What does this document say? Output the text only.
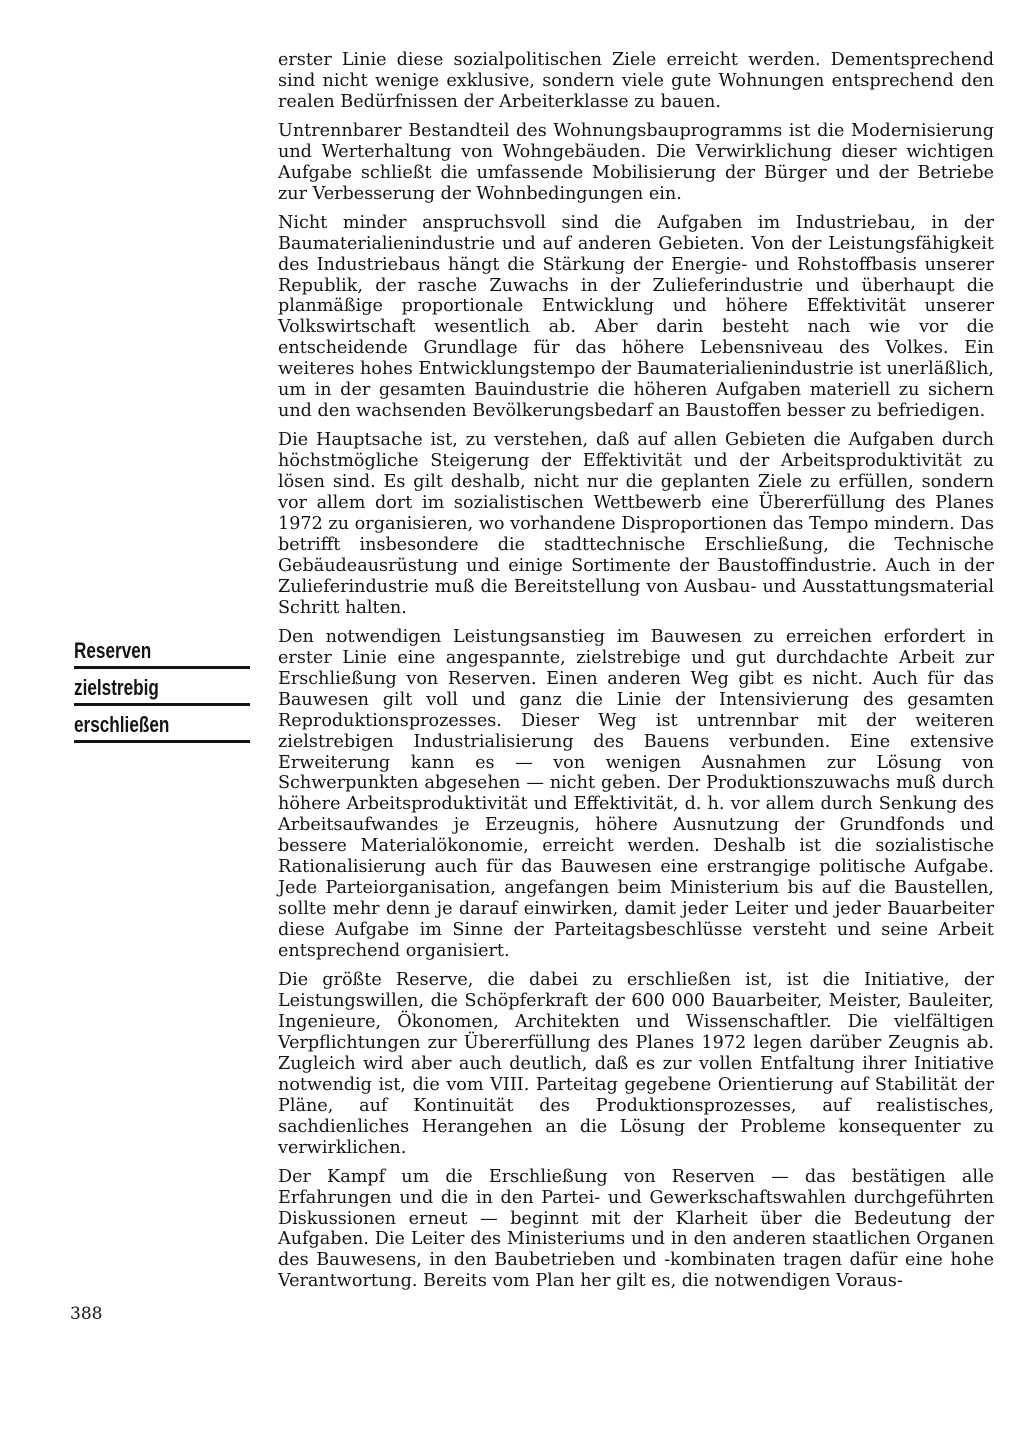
Reserven
zielstrebig
erschließen

erster Linie diese sozialpolitischen Ziele erreicht werden. Dementsprechend sind nicht wenige exklusive, sondern viele gute Wohnungen entsprechend den realen Bedürfnissen der Arbeiterklasse zu bauen.

Untrennbarer Bestandteil des Wohnungsbauprogramms ist die Modernisierung und Werterhaltung von Wohngebäuden. Die Verwirklichung dieser wichtigen Aufgabe schließt die umfassende Mobilisierung der Bürger und der Betriebe zur Verbesserung der Wohnbedingungen ein.

Nicht minder anspruchsvoll sind die Aufgaben im Industriebau, in der Baumaterialienindustrie und auf anderen Gebieten. Von der Leistungsfähigkeit des Industriebaus hängt die Stärkung der Energie- und Rohstoffbasis unserer Republik, der rasche Zuwachs in der Zulieferindustrie und überhaupt die planmäßige proportionale Entwicklung und höhere Effektivität unserer Volkswirtschaft wesentlich ab. Aber darin besteht nach wie vor die entscheidende Grundlage für das höhere Lebensniveau des Volkes. Ein weiteres hohes Entwicklungstempo der Baumaterialienindustrie ist unerläßlich, um in der gesamten Bauindustrie die höheren Aufgaben materiell zu sichern und den wachsenden Bevölkerungsbedarf an Baustoffen besser zu befriedigen.

Die Hauptsache ist, zu verstehen, daß auf allen Gebieten die Aufgaben durch höchstmögliche Steigerung der Effektivität und der Arbeitsproduktivität zu lösen sind. Es gilt deshalb, nicht nur die geplanten Ziele zu erfüllen, sondern vor allem dort im sozialistischen Wettbewerb eine Übererfüllung des Planes 1972 zu organisieren, wo vorhandene Disproportionen das Tempo mindern. Das betrifft insbesondere die stadttechnische Erschließung, die Technische Gebäudeausrüstung und einige Sortimente der Baustoffindustrie. Auch in der Zulieferindustrie muß die Bereitstellung von Ausbau- und Ausstattungsmaterial Schritt halten.

Den notwendigen Leistungsanstieg im Bauwesen zu erreichen erfordert in erster Linie eine angespannte, zielstrebige und gut durchdachte Arbeit zur Erschließung von Reserven. Einen anderen Weg gibt es nicht. Auch für das Bauwesen gilt voll und ganz die Linie der Intensivierung des gesamten Reproduktionsprozesses. Dieser Weg ist untrennbar mit der weiteren zielstrebigen Industrialisierung des Bauens verbunden. Eine extensive Erweiterung kann es — von wenigen Ausnahmen zur Lösung von Schwerpunkten abgesehen — nicht geben. Der Produktionszuwachs muß durch höhere Arbeitsproduktivität und Effektivität, d. h. vor allem durch Senkung des Arbeitsaufwandes je Erzeugnis, höhere Ausnutzung der Grundfonds und bessere Materialökonomie, erreicht werden. Deshalb ist die sozialistische Rationalisierung auch für das Bauwesen eine erstrangige politische Aufgabe. Jede Parteiorganisation, angefangen beim Ministerium bis auf die Baustellen, sollte mehr denn je darauf einwirken, damit jeder Leiter und jeder Bauarbeiter diese Aufgabe im Sinne der Parteitagsbeschlüsse versteht und seine Arbeit entsprechend organisiert.

Die größte Reserve, die dabei zu erschließen ist, ist die Initiative, der Leistungswillen, die Schöpferkraft der 600 000 Bauarbeiter, Meister, Bauleiter, Ingenieure, Ökonomen, Architekten und Wissenschaftler. Die vielfältigen Verpflichtungen zur Übererfüllung des Planes 1972 legen darüber Zeugnis ab. Zugleich wird aber auch deutlich, daß es zur vollen Entfaltung ihrer Initiative notwendig ist, die vom VIII. Parteitag gegebene Orientierung auf Stabilität der Pläne, auf Kontinuität des Produktionsprozesses, auf realistisches, sachdienliches Herangehen an die Lösung der Probleme konsequenter zu verwirklichen.

Der Kampf um die Erschließung von Reserven — das bestätigen alle Erfahrungen und die in den Partei- und Gewerkschaftswahlen durchgeführten Diskussionen erneut — beginnt mit der Klarheit über die Bedeutung der Aufgaben. Die Leiter des Ministeriums und in den anderen staatlichen Organen des Bauwesens, in den Baubetrieben und -kombinaten tragen dafür eine hohe Verantwortung. Bereits vom Plan her gilt es, die notwendigen Voraus-

388
